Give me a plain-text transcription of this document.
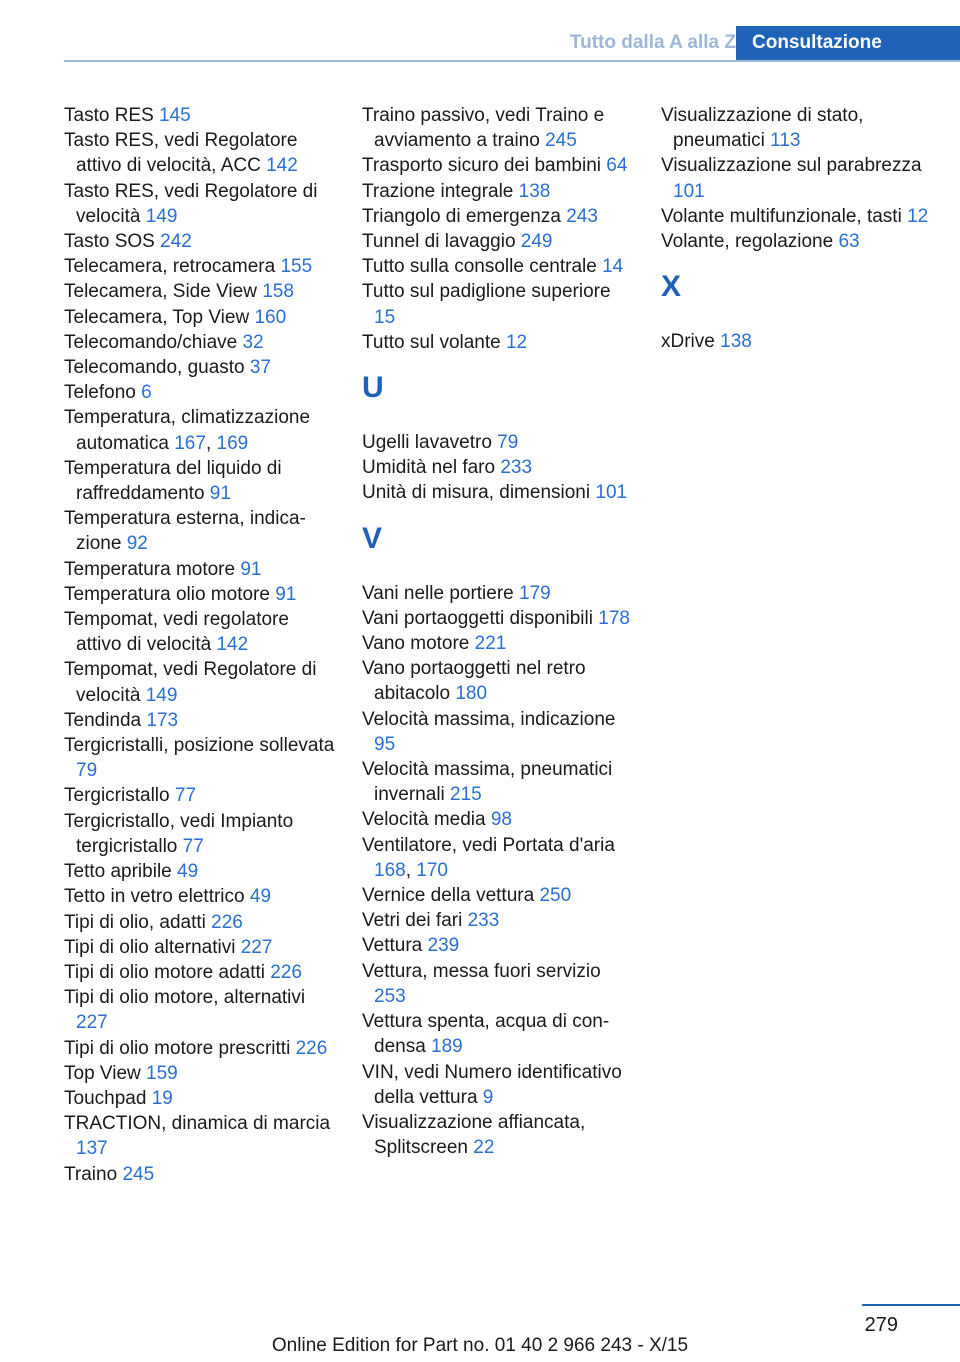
Tutto dalla A alla Z Consultazione
Tasto RES 145
Tasto RES, vedi Regolatore attivo di velocità, ACC 142
Tasto RES, vedi Regolatore di velocità 149
Tasto SOS 242
Telecamera, retrocamera 155
Telecamera, Side View 158
Telecamera, Top View 160
Telecomando/chiave 32
Telecomando, guasto 37
Telefono 6
Temperatura, climatizzazione automatica 167, 169
Temperatura del liquido di raffreddamento 91
Temperatura esterna, indicazione 92
Temperatura motore 91
Temperatura olio motore 91
Tempomat, vedi regolatore attivo di velocità 142
Tempomat, vedi Regolatore di velocità 149
Tendinda 173
Tergicristalli, posizione sollevata 79
Tergicristallo 77
Tergicristallo, vedi Impianto tergicristallo 77
Tetto apribile 49
Tetto in vetro elettrico 49
Tipi di olio, adatti 226
Tipi di olio alternativi 227
Tipi di olio motore adatti 226
Tipi di olio motore, alternativi 227
Tipi di olio motore prescritti 226
Top View 159
Touchpad 19
TRACTION, dinamica di marcia 137
Traino 245
Traino passivo, vedi Traino e avviamento a traino 245
Trasporto sicuro dei bambini 64
Trazione integrale 138
Triangolo di emergenza 243
Tunnel di lavaggio 249
Tutto sulla consolle centrale 14
Tutto sul padiglione superiore 15
Tutto sul volante 12
U
Ugelli lavavetro 79
Umidità nel faro 233
Unità di misura, dimensioni 101
V
Vani nelle portiere 179
Vani portaoggetti disponibili 178
Vano motore 221
Vano portaoggetti nel retro abitacolo 180
Velocità massima, indicazione 95
Velocità massima, pneumatici invernali 215
Velocità media 98
Ventilatore, vedi Portata d'aria 168, 170
Vernice della vettura 250
Vetri dei fari 233
Vettura 239
Vettura, messa fuori servizio 253
Vettura spenta, acqua di condensa 189
VIN, vedi Numero identificativo della vettura 9
Visualizzazione affiancata, Splitscreen 22
Visualizzazione di stato, pneumatici 113
Visualizzazione sul parabrezza 101
Volante multifunzionale, tasti 12
Volante, regolazione 63
X
xDrive 138
279
Online Edition for Part no. 01 40 2 966 243 - X/15
